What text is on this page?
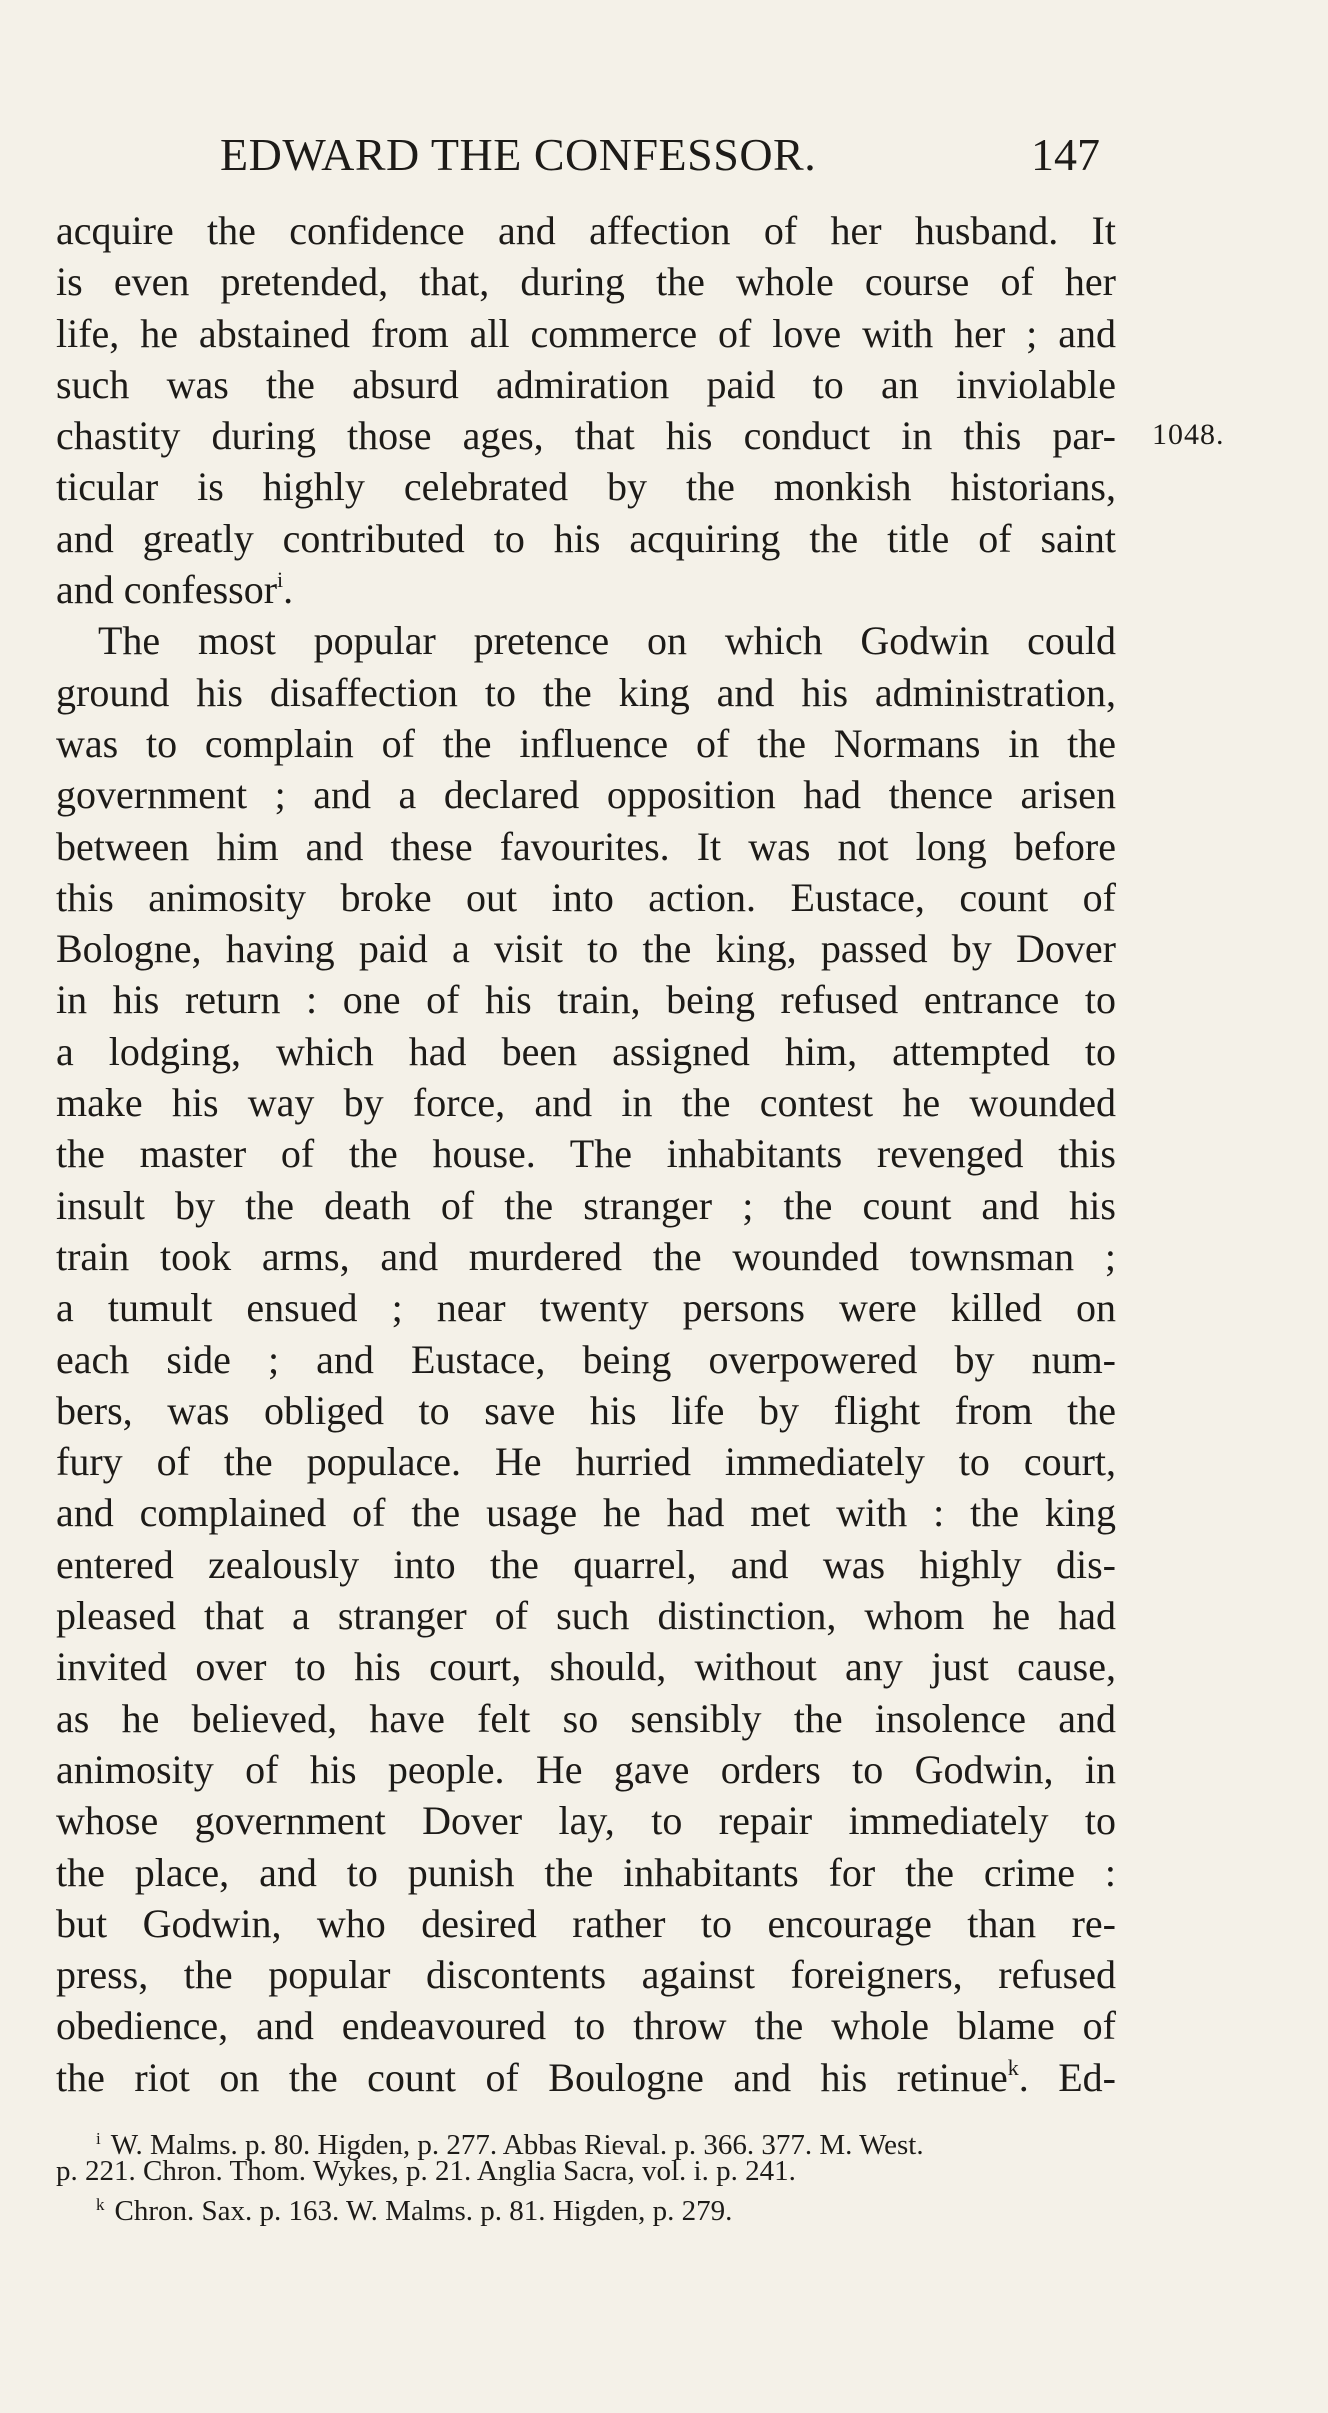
EDWARD THE CONFESSOR.	147
1048.
acquire the confidence and affection of her husband. It
is even pretended, that, during the whole course of her
life, he abstained from all commerce of love with her ; and
such was the absurd admiration paid to an inviolable
chastity during those ages, that his conduct in this par-
ticular is highly celebrated by the monkish historians,
and greatly contributed to his acquiring the title of saint
and confessor$^i$.
The most popular pretence on which Godwin could
ground his disaffection to the king and his administration,
was to complain of the influence of the Normans in the
government ; and a declared opposition had thence arisen
between him and these favourites. It was not long before
this animosity broke out into action. Eustace, count of
Bologne, having paid a visit to the king, passed by Dover
in his return : one of his train, being refused entrance to
a lodging, which had been assigned him, attempted to
make his way by force, and in the contest he wounded
the master of the house. The inhabitants revenged this
insult by the death of the stranger ; the count and his
train took arms, and murdered the wounded townsman ;
a tumult ensued ; near twenty persons were killed on
each side ; and Eustace, being overpowered by num-
bers, was obliged to save his life by flight from the
fury of the populace. He hurried immediately to court,
and complained of the usage he had met with : the king
entered zealously into the quarrel, and was highly dis-
pleased that a stranger of such distinction, whom he had
invited over to his court, should, without any just cause,
as he believed, have felt so sensibly the insolence and
animosity of his people. He gave orders to Godwin, in
whose government Dover lay, to repair immediately to
the place, and to punish the inhabitants for the crime :
but Godwin, who desired rather to encourage than re-
press, the popular discontents against foreigners, refused
obedience, and endeavoured to throw the whole blame of
the riot on the count of Boulogne and his retinue$^k$. Ed-
$^i$ W. Malms. p. 80. Higden, p. 277. Abbas Rieval. p. 366. 377. M. West.
p. 221. Chron. Thom. Wykes, p. 21. Anglia Sacra, vol. i. p. 241.
$^k$ Chron. Sax. p. 163. W. Malms. p. 81. Higden, p. 279.
